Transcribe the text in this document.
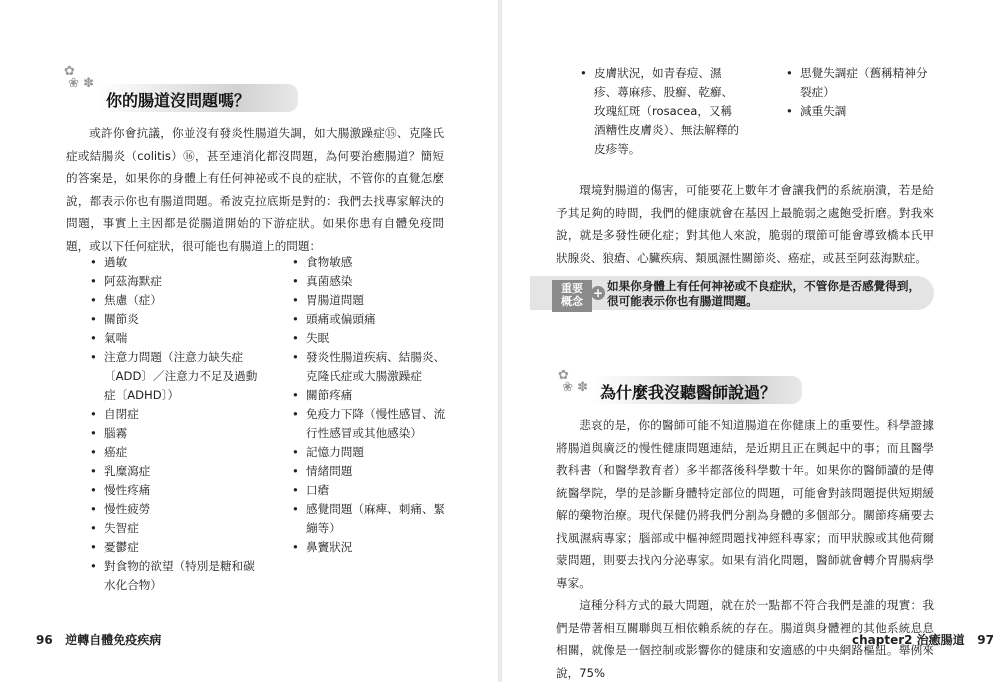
✿
❀ ✽
你的腸道沒問題嗎？

或許你會抗議，你並沒有發炎性腸道失調，如大腸激躁症⑮、克隆氏症或結腸炎（colitis）⑯，甚至連消化都沒問題，為何要治癒腸道？簡短的答案是，如果你的身體上有任何神祕或不良的症狀，不管你的直覺怎麼說，都表示你也有腸道問題。希波克拉底斯是對的：我們去找專家解決的問題，事實上主因都是從腸道開始的下游症狀。如果你患有自體免疫問題，或以下任何症狀，很可能也有腸道上的問題：

• 過敏
• 阿茲海默症
• 焦慮（症）
• 關節炎
• 氣喘
• 注意力問題（注意力缺失症〔ADD〕／注意力不足及過動症〔ADHD〕）
• 自閉症
• 腦霧
• 癌症
• 乳糜瀉症
• 慢性疼痛
• 慢性疲勞
• 失智症
• 憂鬱症
• 對食物的欲望（特別是糖和碳水化合物）
• 食物敏感
• 真菌感染
• 胃腸道問題
• 頭痛或偏頭痛
• 失眠
• 發炎性腸道疾病、結腸炎、克隆氏症或大腸激躁症
• 關節疼痛
• 免疫力下降（慢性感冒、流行性感冒或其他感染）
• 記憶力問題
• 情緒問題
• 口瘡
• 感覺問題（麻痺、刺痛、緊繃等）
• 鼻竇狀況
96 逆轉自體免疫疾病
• 皮膚狀況，如青春痘、濕疹、蕁麻疹、股癬、乾癬、玫瑰紅斑（rosacea，又稱酒糟性皮膚炎）、無法解釋的皮疹等。
• 思覺失調症（舊稱精神分裂症）
• 減重失調

環境對腸道的傷害，可能要花上數年才會讓我們的系統崩潰，若是給予其足夠的時間，我們的健康就會在基因上最脆弱之處飽受折磨。對我來說，就是多發性硬化症；對其他人來說，脆弱的環節可能會導致橋本氏甲狀腺炎、狼瘡、心臟疾病、類風濕性關節炎、癌症，或甚至阿茲海默症。

重要
概念
+ 如果你身體上有任何神祕或不良症狀，不管你是否感覺得到，很可能表示你也有腸道問題。
✿
❀ ✽ 為什麼我沒聽醫師說過？

悲哀的是，你的醫師可能不知道腸道在你健康上的重要性。科學證據將腸道與廣泛的慢性健康問題連結，是近期且正在興起中的事；而且醫學教科書（和醫學教育者）多半都落後科學數十年。如果你的醫師讀的是傳統醫學院，學的是診斷身體特定部位的問題，可能會對該問題提供短期緩解的藥物治療。現代保健仍將我們分割為身體的多個部分。關節疼痛要去找風濕病專家；腦部或中樞神經問題找神經科專家；而甲狀腺或其他荷爾蒙問題，則要去找內分泌專家。如果有消化問題，醫師就會轉介胃腸病學專家。

這種分科方式的最大問題，就在於一點都不符合我們是誰的現實：我們是帶著相互關聯與互相依賴系統的存在。腸道與身體裡的其他系統息息相關，就像是一個控制或影響你的健康和安適感的中央網路樞紐。舉例來說，75%

chapter2 治癒腸道 97
